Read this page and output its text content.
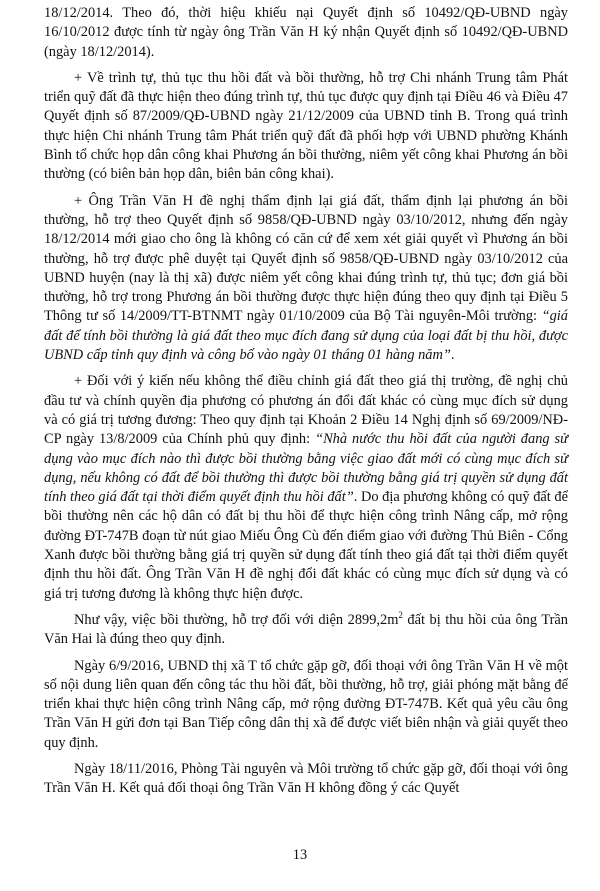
18/12/2014. Theo đó, thời hiệu khiếu nại Quyết định số 10492/QĐ-UBND ngày 16/10/2012 được tính từ ngày ông Trần Văn H ký nhận Quyết định số 10492/QĐ-UBND (ngày 18/12/2014).

+ Về trình tự, thủ tục thu hồi đất và bồi thường, hỗ trợ Chi nhánh Trung tâm Phát triển quỹ đất đã thực hiện theo đúng trình tự, thủ tục được quy định tại Điều 46 và Điều 47 Quyết định số 87/2009/QĐ-UBND ngày 21/12/2009 của UBND tỉnh B. Trong quá trình thực hiện Chi nhánh Trung tâm Phát triển quỹ đất đã phối hợp với UBND phường Khánh Bình tổ chức họp dân công khai Phương án bồi thường, niêm yết công khai Phương án bồi thường (có biên bản họp dân, biên bản công khai).

+ Ông Trần Văn H đề nghị thẩm định lại giá đất, thẩm định lại phương án bồi thường, hỗ trợ theo Quyết định số 9858/QĐ-UBND ngày 03/10/2012, nhưng đến ngày 18/12/2014 mới giao cho ông là không có căn cứ để xem xét giải quyết vì Phương án bồi thường, hỗ trợ được phê duyệt tại Quyết định số 9858/QĐ-UBND ngày 03/10/2012 của UBND huyện (nay là thị xã) được niêm yết công khai đúng trình tự, thủ tục; đơn giá bồi thường, hỗ trợ trong Phương án bồi thường được thực hiện đúng theo quy định tại Điều 5 Thông tư số 14/2009/TT-BTNMT ngày 01/10/2009 của Bộ Tài nguyên-Môi trường: “giá đất để tính bồi thường là giá đất theo mục đích đang sử dụng của loại đất bị thu hồi, được UBND cấp tỉnh quy định và công bố vào ngày 01 tháng 01 hàng năm”.

+ Đối với ý kiến nếu không thể điều chỉnh giá đất theo giá thị trường, đề nghị chủ đầu tư và chính quyền địa phương có phương án đổi đất khác có cùng mục đích sử dụng và có giá trị tương đương: Theo quy định tại Khoản 2 Điều 14 Nghị định số 69/2009/NĐ-CP ngày 13/8/2009 của Chính phủ quy định: “Nhà nước thu hồi đất của người đang sử dụng vào mục đích nào thì được bồi thường bằng việc giao đất mới có cùng mục đích sử dụng, nếu không có đất để bồi thường thì được bồi thường bằng giá trị quyền sử dụng đất tính theo giá đất tại thời điểm quyết định thu hồi đất”. Do địa phương không có quỹ đất để bồi thường nên các hộ dân có đất bị thu hồi để thực hiện công trình Nâng cấp, mở rộng đường ĐT-747B đoạn từ nút giao Miếu Ông Cù đến điểm giao với đường Thủ Biên - Cổng Xanh được bồi thường bằng giá trị quyền sử dụng đất tính theo giá đất tại thời điểm quyết định thu hồi đất. Ông Trần Văn H đề nghị đổi đất khác có cùng mục đích sử dụng và có giá trị tương đương là không thực hiện được.

Như vậy, việc bồi thường, hỗ trợ đối với diện $2899,2m^2$ đất bị thu hồi của ông Trần Văn Hai là đúng theo quy định.

Ngày 6/9/2016, UBND thị xã T tổ chức gặp gỡ, đối thoại với ông Trần Văn H về một số nội dung liên quan đến công tác thu hồi đất, bồi thường, hỗ trợ, giải phóng mặt bằng để triển khai thực hiện công trình Nâng cấp, mở rộng đường ĐT-747B. Kết quả yêu cầu ông Trần Văn H gửi đơn tại Ban Tiếp công dân thị xã để được viết biên nhận và giải quyết theo quy định.

Ngày 18/11/2016, Phòng Tài nguyên và Môi trường tổ chức gặp gỡ, đối thoại với ông Trần Văn H. Kết quả đối thoại ông Trần Văn H không đồng ý các Quyết

13
